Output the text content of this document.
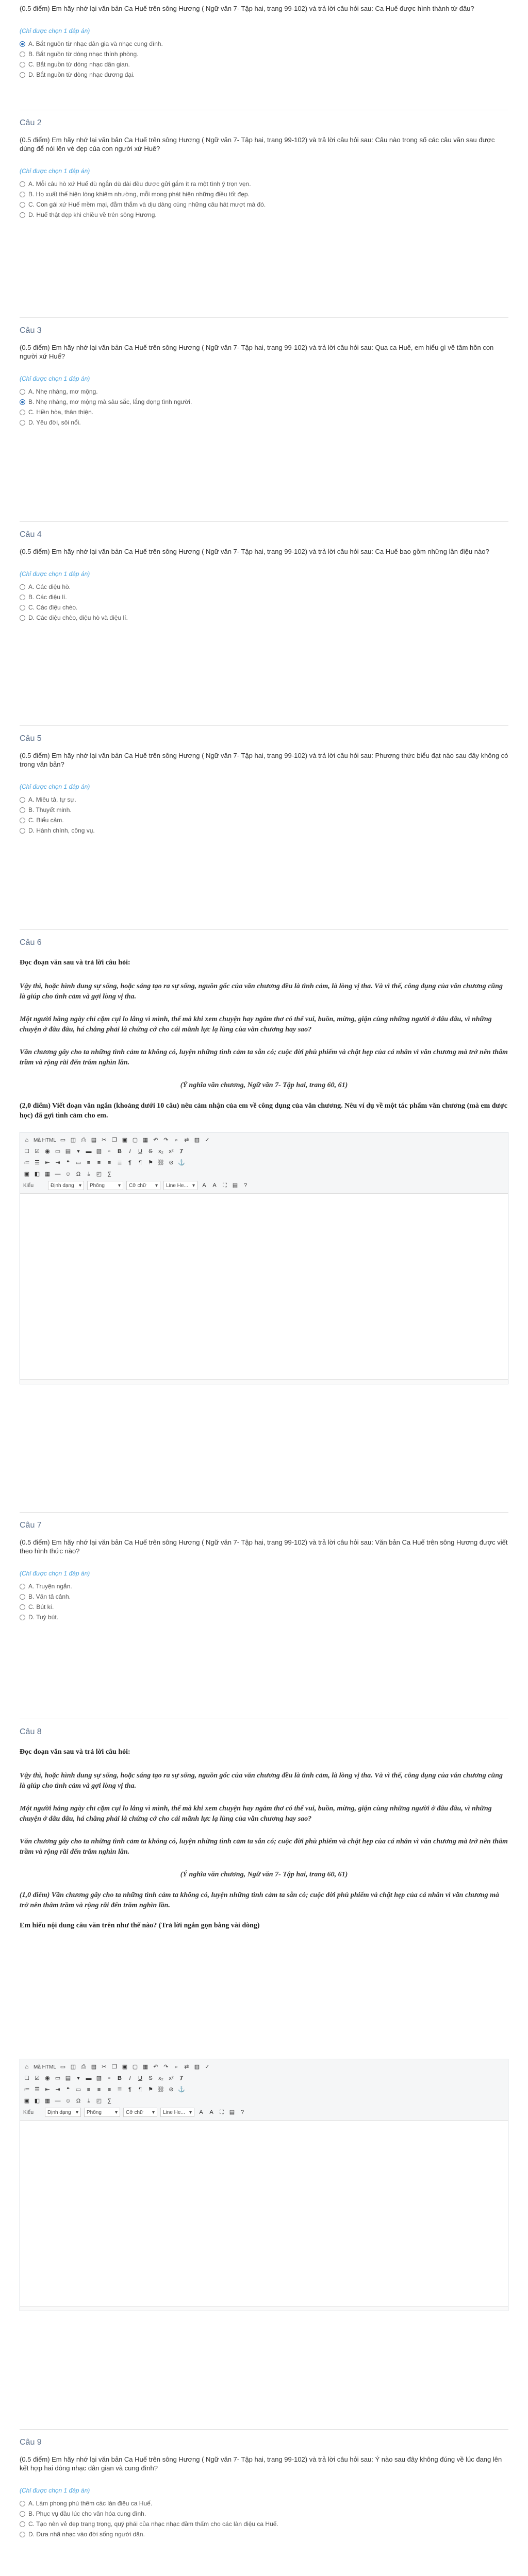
(0.5 điểm) Em hãy nhớ lại văn bản Ca Huế trên sông Hương ( Ngữ văn 7- Tập hai, trang 99-102) và trả lời câu hỏi sau: Ca Huế được hình thành từ đâu?
(Chỉ được chọn 1 đáp án)
A. Bắt nguồn từ nhạc dân gia và nhạc cung đình.
B. Bắt nguồn từ dòng nhạc thính phòng.
C. Bắt nguồn từ dòng nhạc dân gian.
D. Bắt nguồn từ dòng nhạc đương đại.
Câu 2
(0.5 điểm) Em hãy nhớ lại văn bản Ca Huế trên sông Hương ( Ngữ văn 7- Tập hai, trang 99-102) và trả lời câu hỏi sau: Câu nào trong số các câu văn sau được dùng để nói lên vẻ đẹp của con người xứ Huế?
(Chỉ được chọn 1 đáp án)
A. Mỗi câu hò xứ Huế dù ngắn dù dài đều được gửi gắm ít ra một tình ý trọn vẹn.
B. Họ xuất thế hiện lòng khiêm nhường, mỗi mong phát hiện những điều tốt đẹp.
C. Con gái xứ Huế mềm mại, đằm thắm và dịu dàng cùng những câu hát mượt mà đó.
D. Huế thật đẹp khi chiều về trên sông Hương.
Câu 3
(0.5 điểm) Em hãy nhớ lại văn bản Ca Huế trên sông Hương ( Ngữ văn 7- Tập hai, trang 99-102) và trả lời câu hỏi sau: Qua ca Huế, em hiểu gì về tâm hồn con người xứ Huế?
(Chỉ được chọn 1 đáp án)
A. Nhẹ nhàng, mơ mộng.
B. Nhẹ nhàng, mơ mộng mà sâu sắc, lắng đọng tình người.
C. Hiền hòa, thân thiện.
D. Yêu đời, sôi nổi.
Câu 4
(0.5 điểm) Em hãy nhớ lại văn bản Ca Huế trên sông Hương ( Ngữ văn 7- Tập hai, trang 99-102) và trả lời câu hỏi sau: Ca Huế bao gồm những lần điệu nào?
(Chỉ được chọn 1 đáp án)
A. Các điệu hò.
B. Các điệu lí.
C. Các điệu chèo.
D. Các điệu chèo, điệu hò và điệu lí.
Câu 5
(0.5 điểm) Em hãy nhớ lại văn bản Ca Huế trên sông Hương ( Ngữ văn 7- Tập hai, trang 99-102) và trả lời câu hỏi sau: Phương thức biểu đạt nào sau đây không có trong văn bản?
(Chỉ được chọn 1 đáp án)
A. Miêu tả, tự sự.
B. Thuyết minh.
C. Biểu cảm.
D. Hành chính, công vụ.
Câu 6
Đọc đoạn văn sau và trả lời câu hỏi:
Vậy thì, hoặc hình dung sự sống, hoặc sáng tạo ra sự sống, nguồn gốc của văn chương đều là tình cảm, là lòng vị tha. Và vì thế, công dụng của văn chương cũng là giúp cho tình cảm và gợi lòng vị tha.
Một người hằng ngày chỉ cặm cụi lo lắng vì mình, thế mà khi xem chuyện hay ngâm thơ có thể vui, buồn, mừng, giận cùng những người ở đâu đâu, vì những chuyện ở đâu đâu, há chẳng phải là chứng cớ cho cái mãnh lực lạ lùng của văn chương hay sao?
Văn chương gây cho ta những tình cảm ta không có, luyện những tình cảm ta sẵn có; cuộc đời phù phiếm và chật hẹp của cá nhân vì văn chương mà trở nên thâm trầm và rộng rãi đến trăm nghìn lần.
(Ý nghĩa văn chương, Ngữ văn 7- Tập hai, trang 60, 61)
(2,0 điểm) Viết đoạn văn ngắn (khoảng dưới 10 câu) nêu cảm nhận của em về công dụng của văn chương. Nêu ví dụ về một tác phẩm văn chương (mà em được học) đã gợi tình cảm cho em.
⌂ Mã HTML ▭ ◫ ⎙ ▤ ✂ ❐ ▣ ▢ ▦ ↶ ↷	⌕	⇄ ▥ ✓
☐ ☑ ◉ ▭ ▤	▾	▬ ▨	▫	B	I	U	S	x₂ x²	Ⱦ
≔ ☰ ⇤ ⇥	❝	▭	≡	≡	≡	≣	¶	¶	⚑ ⛓ ⊘ ⚓
▣ ◧ ▦ ― ☺ Ω	⤓	◰ ∑
Kiểu	Định dạng ▾ Phông	▾ Cỡ chữ ▾ Line He... ▾	A	A	⛶ ▤	?
Câu 7
(0.5 điểm) Em hãy nhớ lại văn bản Ca Huế trên sông Hương ( Ngữ văn 7- Tập hai, trang 99-102) và trả lời câu hỏi sau: Văn bản Ca Huế trên sông Hương được viết theo hình thức nào?
(Chỉ được chọn 1 đáp án)
A. Truyện ngắn.
B. Văn tả cảnh.
C. Bút kí.
D. Tuỳ bút.
Câu 8
Đọc đoạn văn sau và trả lời câu hỏi:
Vậy thì, hoặc hình dung sự sống, hoặc sáng tạo ra sự sống, nguồn gốc của văn chương đều là tình cảm, là lòng vị tha. Và vì thế, công dụng của văn chương cũng là giúp cho tình cảm và gợi lòng vị tha.
Một người hằng ngày chỉ cặm cụi lo lắng vì mình, thế mà khi xem chuyện hay ngâm thơ có thể vui, buồn, mừng, giận cùng những người ở đâu đâu, vì những chuyện ở đâu đâu, há chẳng phải là chứng cớ cho cái mãnh lực lạ lùng của văn chương hay sao?
Văn chương gây cho ta những tình cảm ta không có, luyện những tình cảm ta sẵn có; cuộc đời phù phiếm và chật hẹp của cá nhân vì văn chương mà trở nên thâm trầm và rộng rãi đến trăm nghìn lần.
(Ý nghĩa văn chương, Ngữ văn 7- Tập hai, trang 60, 61)
(1,0 điểm) Văn chương gây cho ta những tình cảm ta không có, luyện những tình cảm ta sẵn có; cuộc đời phù phiếm và chật hẹp của cá nhân vì văn chương mà trở nên thâm trầm và rộng rãi đến trăm nghìn lần.
Em hiểu nội dung câu văn trên như thế nào? (Trả lời ngắn gọn bằng vài dòng)
⌂ Mã HTML ▭ ◫ ⎙ ▤ ✂ ❐ ▣ ▢ ▦ ↶ ↷	⌕	⇄ ▥ ✓
☐ ☑ ◉ ▭ ▤	▾	▬ ▨	▫	B	I	U	S	x₂ x²	Ⱦ
≔ ☰ ⇤ ⇥	❝	▭	≡	≡	≡	≣	¶	¶	⚑ ⛓ ⊘ ⚓
▣ ◧ ▦ ― ☺ Ω	⤓	◰ ∑
Kiểu	Định dạng ▾ Phông	▾ Cỡ chữ ▾ Line He... ▾	A	A	⛶ ▤	?
Câu 9
(0.5 điểm) Em hãy nhớ lại văn bản Ca Huế trên sông Hương ( Ngữ văn 7- Tập hai, trang 99-102) và trả lời câu hỏi sau: Ý nào sau đây không đúng về lúc đang lên kết hợp hai dòng nhạc dân gian và cung đình?
(Chỉ được chọn 1 đáp án)
A. Làm phong phú thêm các làn điệu ca Huế.
B. Phục vụ đầu lúc cho văn hóa cung đình.
C. Tạo nên vẻ đẹp trang trọng, quý phái của nhạc nhạc đầm thấm cho các làn điệu ca Huế.
D. Đưa nhã nhạc vào đời sống người dân.
